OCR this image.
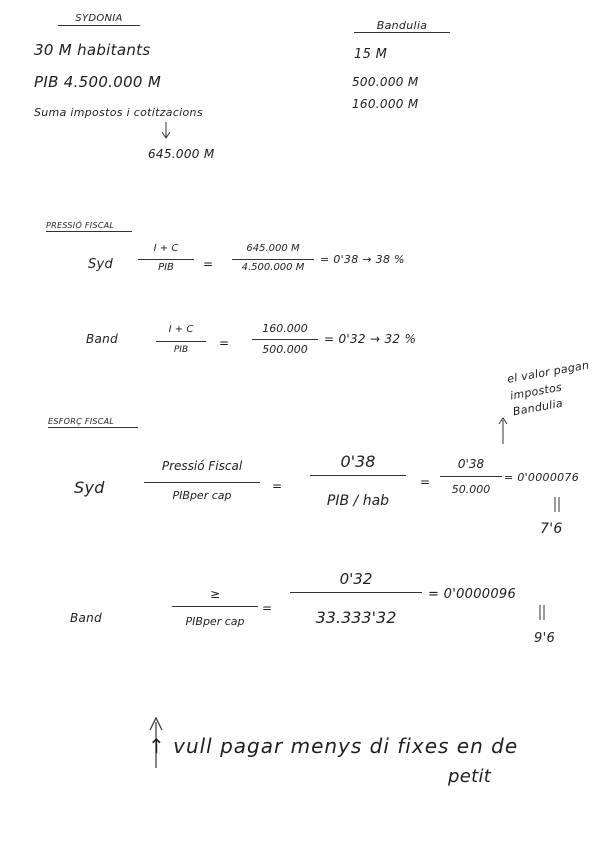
SYDONIA
30 M habitants
PIB 4.500.000 M
Suma impostos i cotitzacions
645.000 M
Bandulia
15 M
500.000 M
160.000 M
PRESSIÓ FISCAL
Syd
I + C
PIB	=
645.000 M
4.500.000 M
= 0'38 → 38 %
Band
I + C
PIB	=
160.000
500.000
= 0'32 → 32 %
ESFORÇ FISCAL
el valor pagan impostos Bandulia
Syd
Pressió Fiscal
PIBper cap
=
0'38
PIB / hab
=
0'38
50.000
= 0'0000076
7'6
Band
≥
PIBper cap
=
0'32
33.333'32
= 0'0000096
9'6
↑ vull pagar menys di fixes en de
petit
